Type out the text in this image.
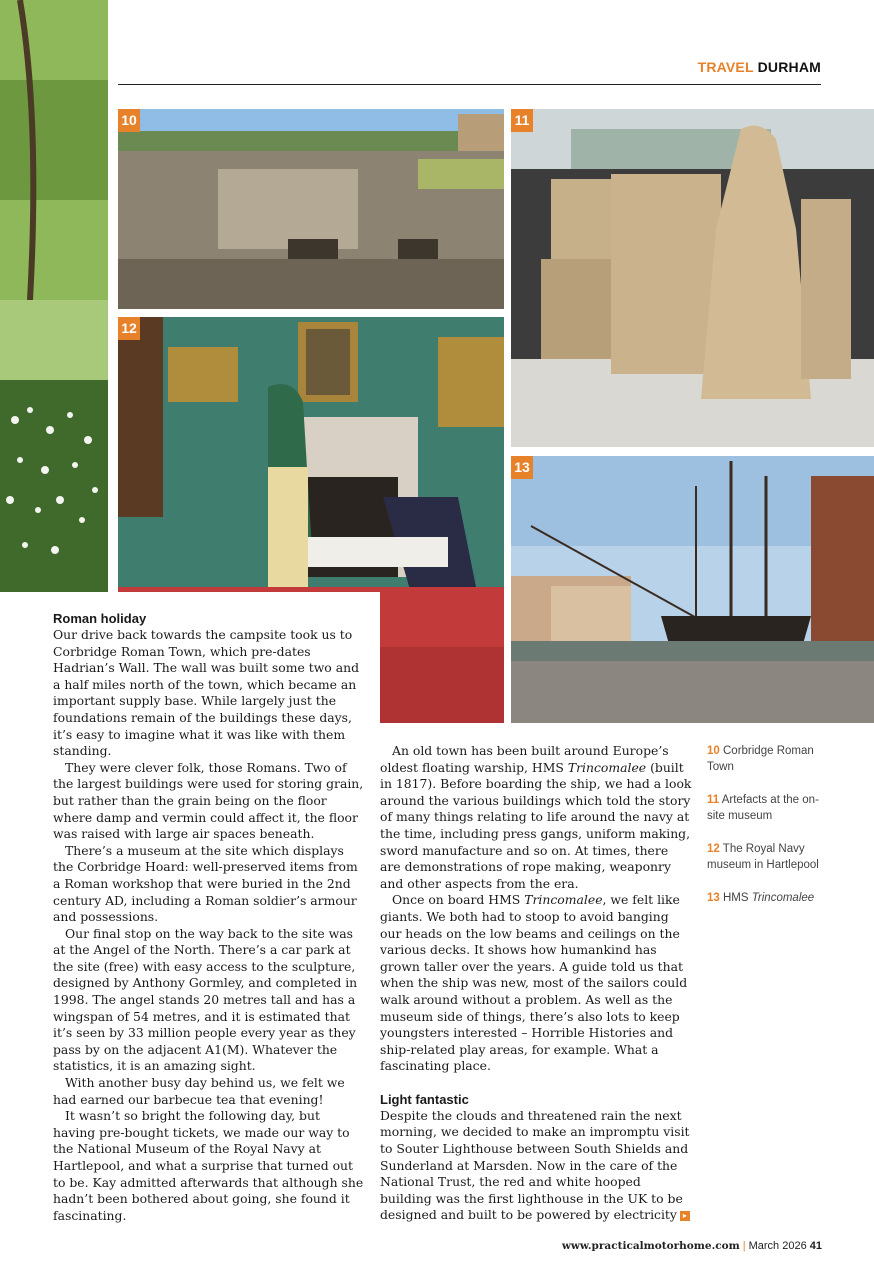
TRAVEL DURHAM
10	11
12
13
Roman holiday

Our drive back towards the campsite took us to Corbridge Roman Town, which pre-dates Hadrian’s Wall. The wall was built some two and a half miles north of the town, which became an important supply base. While largely just the foundations remain of the buildings these days, it’s easy to imagine what it was like with them standing.

They were clever folk, those Romans. Two of the largest buildings were used for storing grain, but rather than the grain being on the floor where damp and vermin could affect it, the floor was raised with large air spaces beneath.

There’s a museum at the site which displays the Corbridge Hoard: well-preserved items from a Roman workshop that were buried in the 2nd century AD, including a Roman soldier’s armour and possessions.

Our final stop on the way back to the site was at the Angel of the North. There’s a car park at the site (free) with easy access to the sculpture, designed by Anthony Gormley, and completed in 1998. The angel stands 20 metres tall and has a wingspan of 54 metres, and it is estimated that it’s seen by 33 million people every year as they pass by on the adjacent A1(M). Whatever the statistics, it is an amazing sight.

With another busy day behind us, we felt we had earned our barbecue tea that evening!

It wasn’t so bright the following day, but having pre-bought tickets, we made our way to the National Museum of the Royal Navy at Hartlepool, and what a surprise that turned out to be. Kay admitted afterwards that although she hadn’t been bothered about going, she found it fascinating.

An old town has been built around Europe’s oldest floating warship, HMS Trincomalee (built in 1817). Before boarding the ship, we had a look around the various buildings which told the story of many things relating to life around the navy at the time, including press gangs, uniform making, sword manufacture and so on. At times, there are demonstrations of rope making, weaponry and other aspects from the era.

Once on board HMS Trincomalee, we felt like giants. We both had to stoop to avoid banging our heads on the low beams and ceilings on the various decks. It shows how humankind has grown taller over the years. A guide told us that when the ship was new, most of the sailors could walk around without a problem. As well as the museum side of things, there’s also lots to keep youngsters interested – Horrible Histories and ship-related play areas, for example. What a fascinating place.

Light fantastic

Despite the clouds and threatened rain the next morning, we decided to make an impromptu visit to Souter Lighthouse between South Shields and Sunderland at Marsden. Now in the care of the National Trust, the red and white hooped building was the first lighthouse in the UK to be designed and built to be powered by electricity ▸

10 Corbridge Roman Town
11 Artefacts at the on-site museum
12 The Royal Navy museum in Hartlepool
13 HMS Trincomalee
www.practicalmotorhome.com | March 2026 41
